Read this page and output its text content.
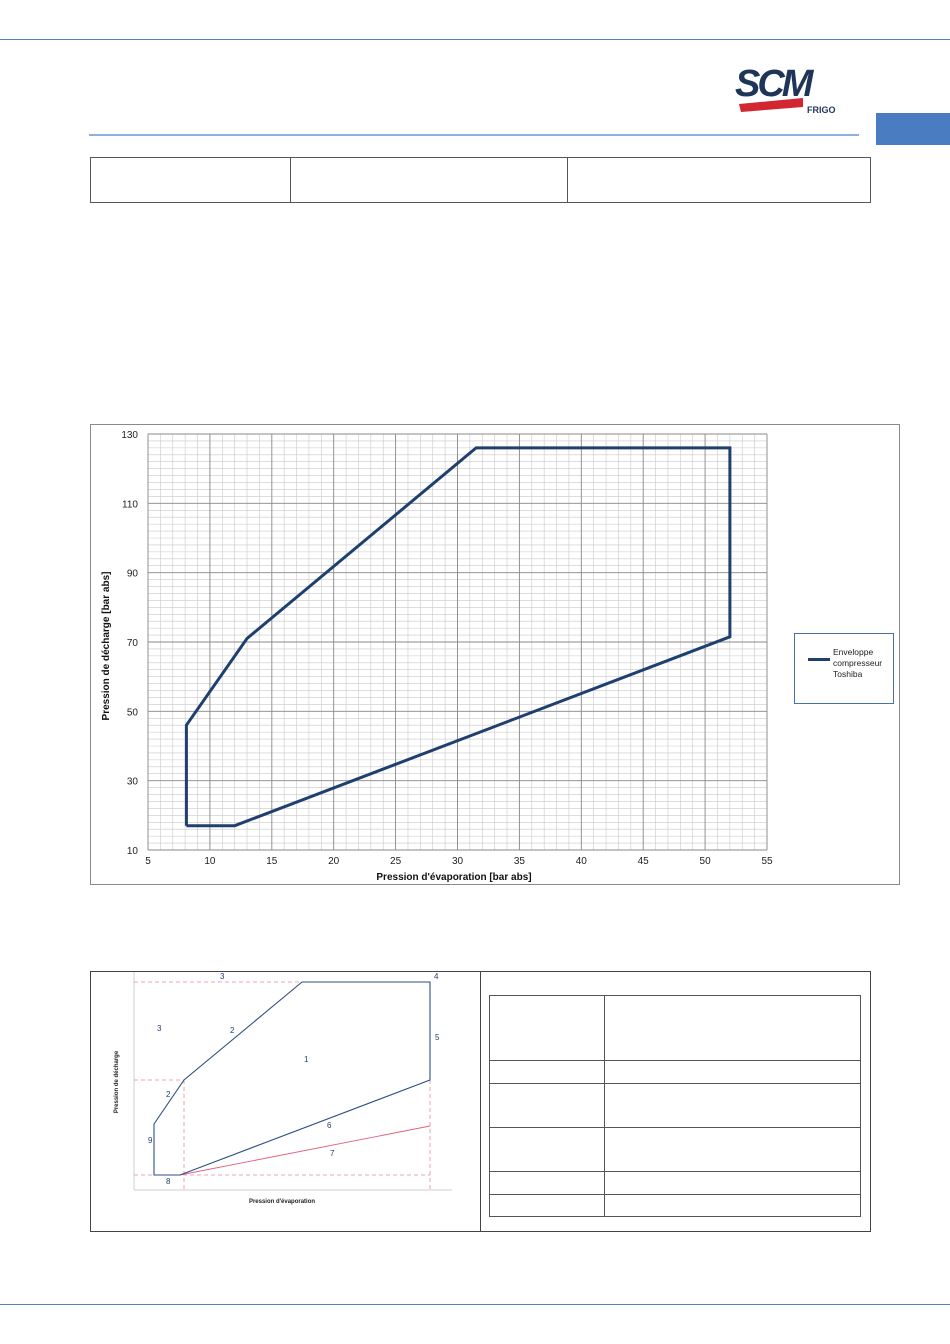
SCM
FRIGO

5	10	15	20	25	30	35	40	45	50	55
10
30
50
70
90
110
130
Pression d'évaporation [bar abs]
Pression de décharge [bar abs]	Enveloppe compresseur Toshiba
1
2
2
3
3	4
5
6
7
8
9
Pression d'évaporation
Pression de décharge
